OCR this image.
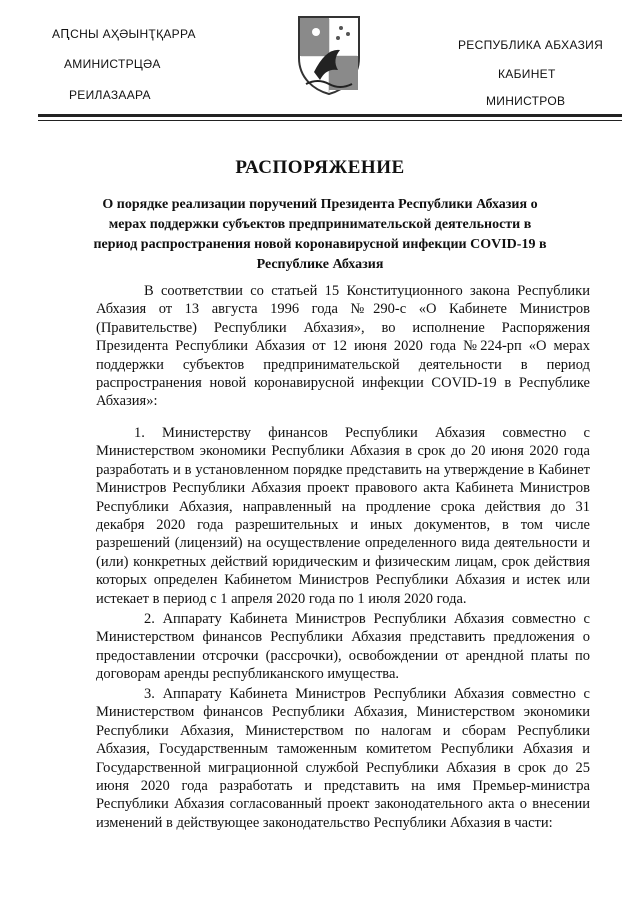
АԤСНЫ АҲӘЫНҬҚАРРА
АМИНИСТРЦӘА
РЕИЛАЗААРА
РЕСПУБЛИКА АБХАЗИЯ
КАБИНЕТ
МИНИСТРОВ
РАСПОРЯЖЕНИЕ
О порядке реализации поручений Президента Республики Абхазия о мерах поддержки субъектов предпринимательской деятельности в период распространения новой коронавирусной инфекции COVID-19 в Республике Абхазия

В соответствии со статьей 15 Конституционного закона Республики Абхазия от 13 августа 1996 года №290-с «О Кабинете Министров (Правительстве) Республики Абхазия», во исполнение Распоряжения Президента Республики Абхазия от 12 июня 2020 года №224-рп «О мерах поддержки субъектов предпринимательской деятельности в период распространения новой коронавирусной инфекции COVID-19 в Республике Абхазия»:

1. Министерству финансов Республики Абхазия совместно с Министерством экономики Республики Абхазия в срок до 20 июня 2020 года разработать и в установленном порядке представить на утверждение в Кабинет Министров Республики Абхазия проект правового акта Кабинета Министров Республики Абхазия, направленный на продление срока действия до 31 декабря 2020 года разрешительных и иных документов, в том числе разрешений (лицензий) на осуществление определенного вида деятельности и (или) конкретных действий юридическим и физическим лицам, срок действия которых определен Кабинетом Министров Республики Абхазия и истек или истекает в период с 1 апреля 2020 года по 1 июля 2020 года.

2. Аппарату Кабинета Министров Республики Абхазия совместно с Министерством финансов Республики Абхазия представить предложения о предоставлении отсрочки (рассрочки), освобождении от арендной платы по договорам аренды республиканского имущества.

3. Аппарату Кабинета Министров Республики Абхазия совместно с Министерством финансов Республики Абхазия, Министерством экономики Республики Абхазия, Министерством по налогам и сборам Республики Абхазия, Государственным таможенным комитетом Республики Абхазия и Государственной миграционной службой Республики Абхазия в срок до 25 июня 2020 года разработать и представить на имя Премьер-министра Республики Абхазия согласованный проект законодательного акта о внесении изменений в действующее законодательство Республики Абхазия в части:
